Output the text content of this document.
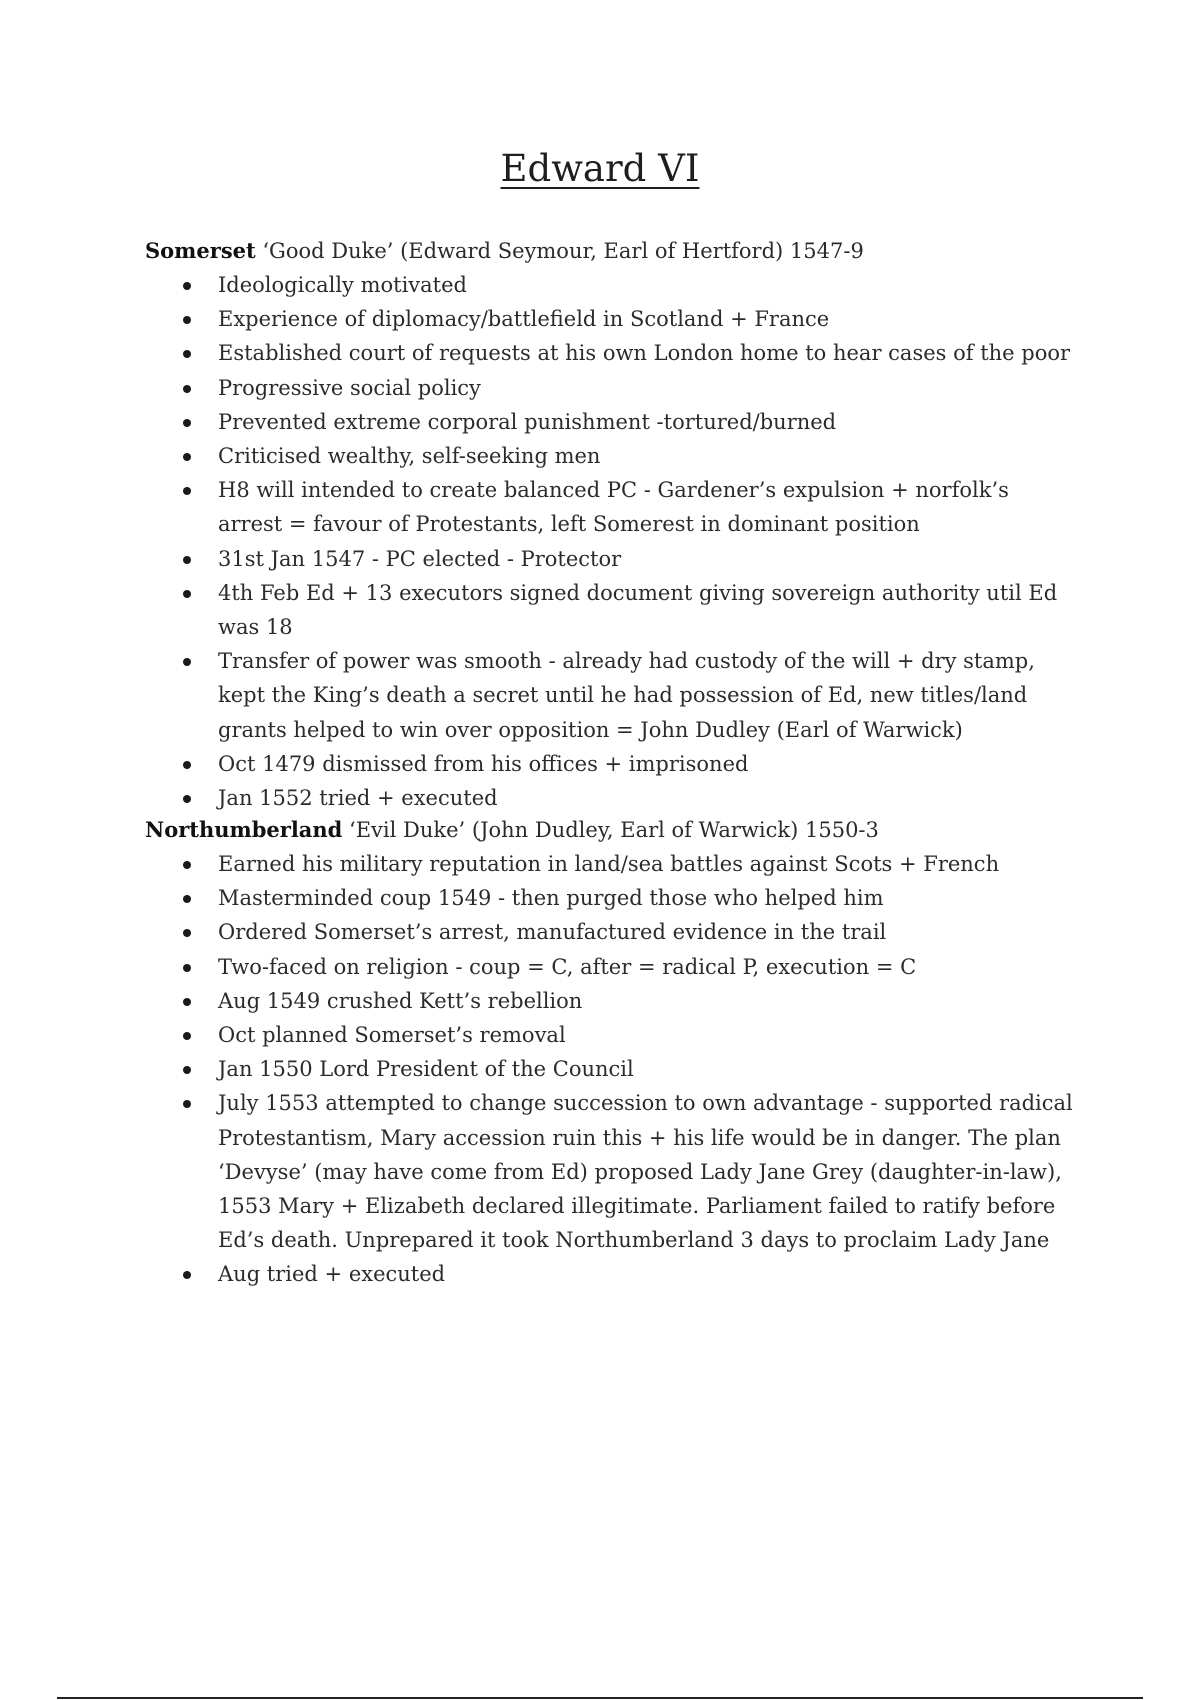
Edward VI
Somerset ‘Good Duke’ (Edward Seymour, Earl of Hertford) 1547-9
Ideologically motivated
Experience of diplomacy/battlefield in Scotland + France
Established court of requests at his own London home to hear cases of the poor
Progressive social policy
Prevented extreme corporal punishment -tortured/burned
Criticised wealthy, self-seeking men
H8 will intended to create balanced PC - Gardener’s expulsion + norfolk’s arrest = favour of Protestants, left Somerest in dominant position
31st Jan 1547 - PC elected - Protector
4th Feb Ed + 13 executors signed document giving sovereign authority util Ed was 18
Transfer of power was smooth - already had custody of the will + dry stamp, kept the King’s death a secret until he had possession of Ed, new titles/land grants helped to win over opposition = John Dudley (Earl of Warwick)
Oct 1479 dismissed from his offices + imprisoned
Jan 1552 tried + executed
Northumberland ‘Evil Duke’ (John Dudley, Earl of Warwick) 1550-3
Earned his military reputation in land/sea battles against Scots + French
Masterminded coup 1549 - then purged those who helped him
Ordered Somerset’s arrest, manufactured evidence in the trail
Two-faced on religion - coup = C, after = radical P, execution = C
Aug 1549 crushed Kett’s rebellion
Oct planned Somerset’s removal
Jan 1550 Lord President of the Council
July 1553 attempted to change succession to own advantage - supported radical Protestantism, Mary accession ruin this + his life would be in danger. The plan ‘Devyse’ (may have come from Ed) proposed Lady Jane Grey (daughter-in-law), 1553 Mary + Elizabeth declared illegitimate. Parliament failed to ratify before Ed’s death. Unprepared it took Northumberland 3 days to proclaim Lady Jane
Aug tried + executed
